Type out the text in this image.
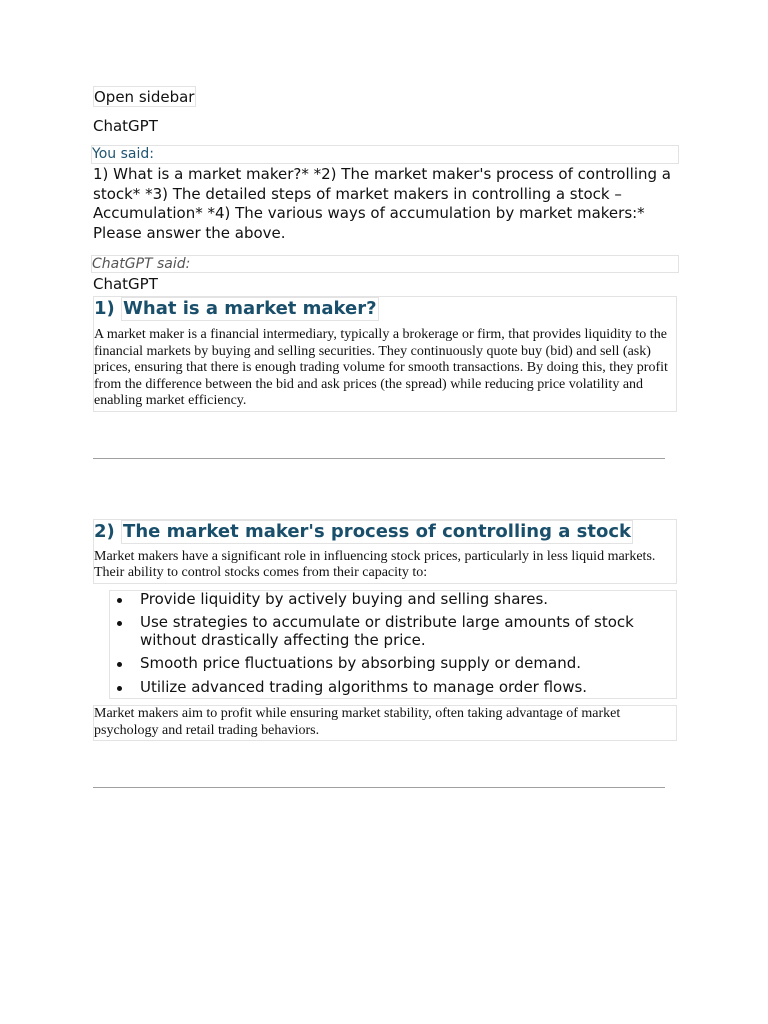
Open sidebar
ChatGPT
You said:
1) What is a market maker?* *2) The market maker's process of controlling a stock* *3) The detailed steps of market makers in controlling a stock – Accumulation* *4) The various ways of accumulation by market makers:* Please answer the above.
ChatGPT said:
ChatGPT
1) What is a market maker?
A market maker is a financial intermediary, typically a brokerage or firm, that provides liquidity to the financial markets by buying and selling securities. They continuously quote buy (bid) and sell (ask) prices, ensuring that there is enough trading volume for smooth transactions. By doing this, they profit from the difference between the bid and ask prices (the spread) while reducing price volatility and enabling market efficiency.
2) The market maker's process of controlling a stock
Market makers have a significant role in influencing stock prices, particularly in less liquid markets. Their ability to control stocks comes from their capacity to:
Provide liquidity by actively buying and selling shares.
Use strategies to accumulate or distribute large amounts of stock without drastically affecting the price.
Smooth price fluctuations by absorbing supply or demand.
Utilize advanced trading algorithms to manage order flows.
Market makers aim to profit while ensuring market stability, often taking advantage of market psychology and retail trading behaviors.
